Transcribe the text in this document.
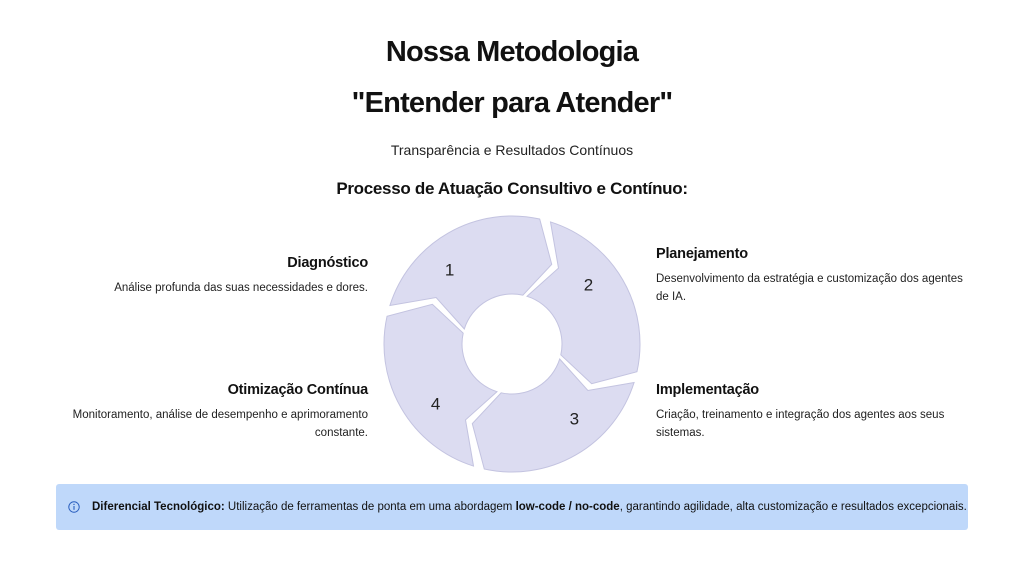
Nossa Metodologia
"Entender para Atender"
Transparência e Resultados Contínuos
Processo de Atuação Consultivo e Contínuo:
Diagnóstico

Análise profunda das suas necessidades e dores.

Planejamento

Desenvolvimento da estratégia e customização dos agentes de IA.

Implementação

Criação, treinamento e integração dos agentes aos seus sistemas.

Otimização Contínua

Monitoramento, análise de desempenho e aprimoramento constante.

1
2
3
4
Diferencial Tecnológico: Utilização de ferramentas de ponta em uma abordagem low-code / no-code, garantindo agilidade, alta customização e resultados excepcionais.
